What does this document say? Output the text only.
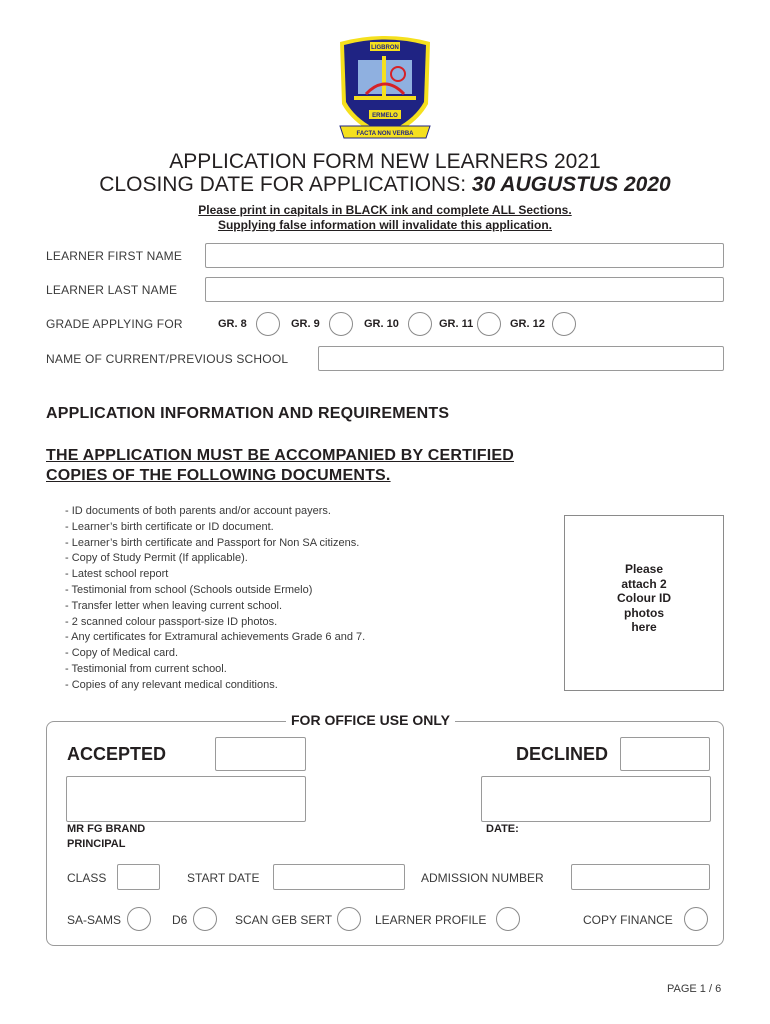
LIGBRON
ERMELO
FACTA NON VERBA
APPLICATION FORM NEW LEARNERS 2021
CLOSING DATE FOR APPLICATIONS: 30 AUGUSTUS 2020
Please print in capitals in BLACK ink and complete ALL Sections.
Supplying false information will invalidate this application.
LEARNER FIRST NAME
LEARNER LAST NAME
GRADE APPLYING FOR	GR. 8	GR. 9	GR. 10	GR. 11	GR. 12
NAME OF CURRENT/PREVIOUS SCHOOL
APPLICATION INFORMATION AND REQUIREMENTS
THE APPLICATION MUST BE ACCOMPANIED BY CERTIFIED
COPIES OF THE FOLLOWING DOCUMENTS.
- ID documents of both parents and/or account payers.
- Learner’s birth certificate or ID document.
- Learner’s birth certificate and Passport for Non SA citizens.
- Copy of Study Permit (If applicable).
- Latest school report
- Testimonial from school (Schools outside Ermelo)
- Transfer letter when leaving current school.
- 2 scanned colour passport-size ID photos.
- Any certificates for Extramural achievements Grade 6 and 7.
- Copy of Medical card.
- Testimonial from current school.
- Copies of any relevant medical conditions.
Please
attach 2
Colour ID
photos
here
FOR OFFICE USE ONLY
ACCEPTED	DECLINED
MR FG BRAND
PRINCIPAL
DATE:
CLASS	START DATE	ADMISSION NUMBER
SA-SAMS	D6	SCAN GEB SERT	LEARNER PROFILE	COPY FINANCE
PAGE 1 / 6
